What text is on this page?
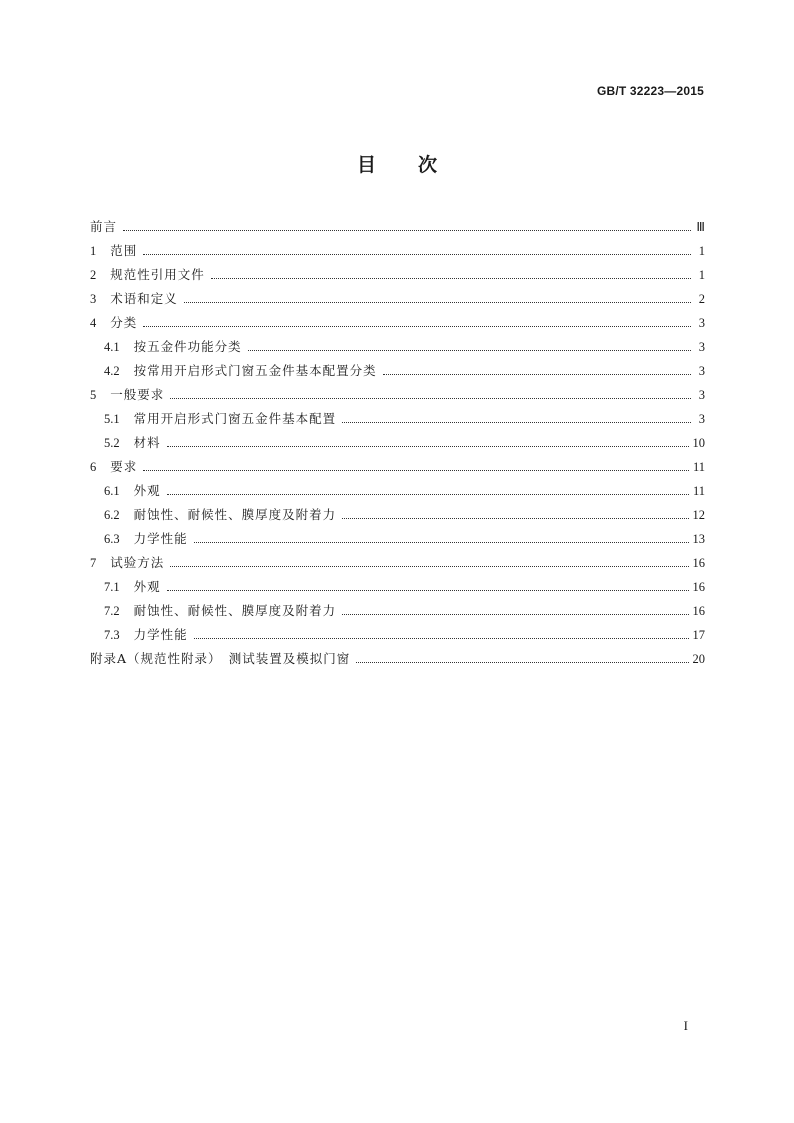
GB/T 32223—2015
目 次
前言	Ⅲ
1 范围	1
2 规范性引用文件	1
3 术语和定义	2
4 分类	3
4.1 按五金件功能分类	3
4.2 按常用开启形式门窗五金件基本配置分类	3
5 一般要求	3
5.1 常用开启形式门窗五金件基本配置	3
5.2 材料	10
6 要求	11
6.1 外观	11
6.2 耐蚀性、耐候性、膜厚度及附着力	12
6.3 力学性能	13
7 试验方法	16
7.1 外观	16
7.2 耐蚀性、耐候性、膜厚度及附着力	16
7.3 力学性能	17
附录A（规范性附录）　测试装置及模拟门窗	20
I
